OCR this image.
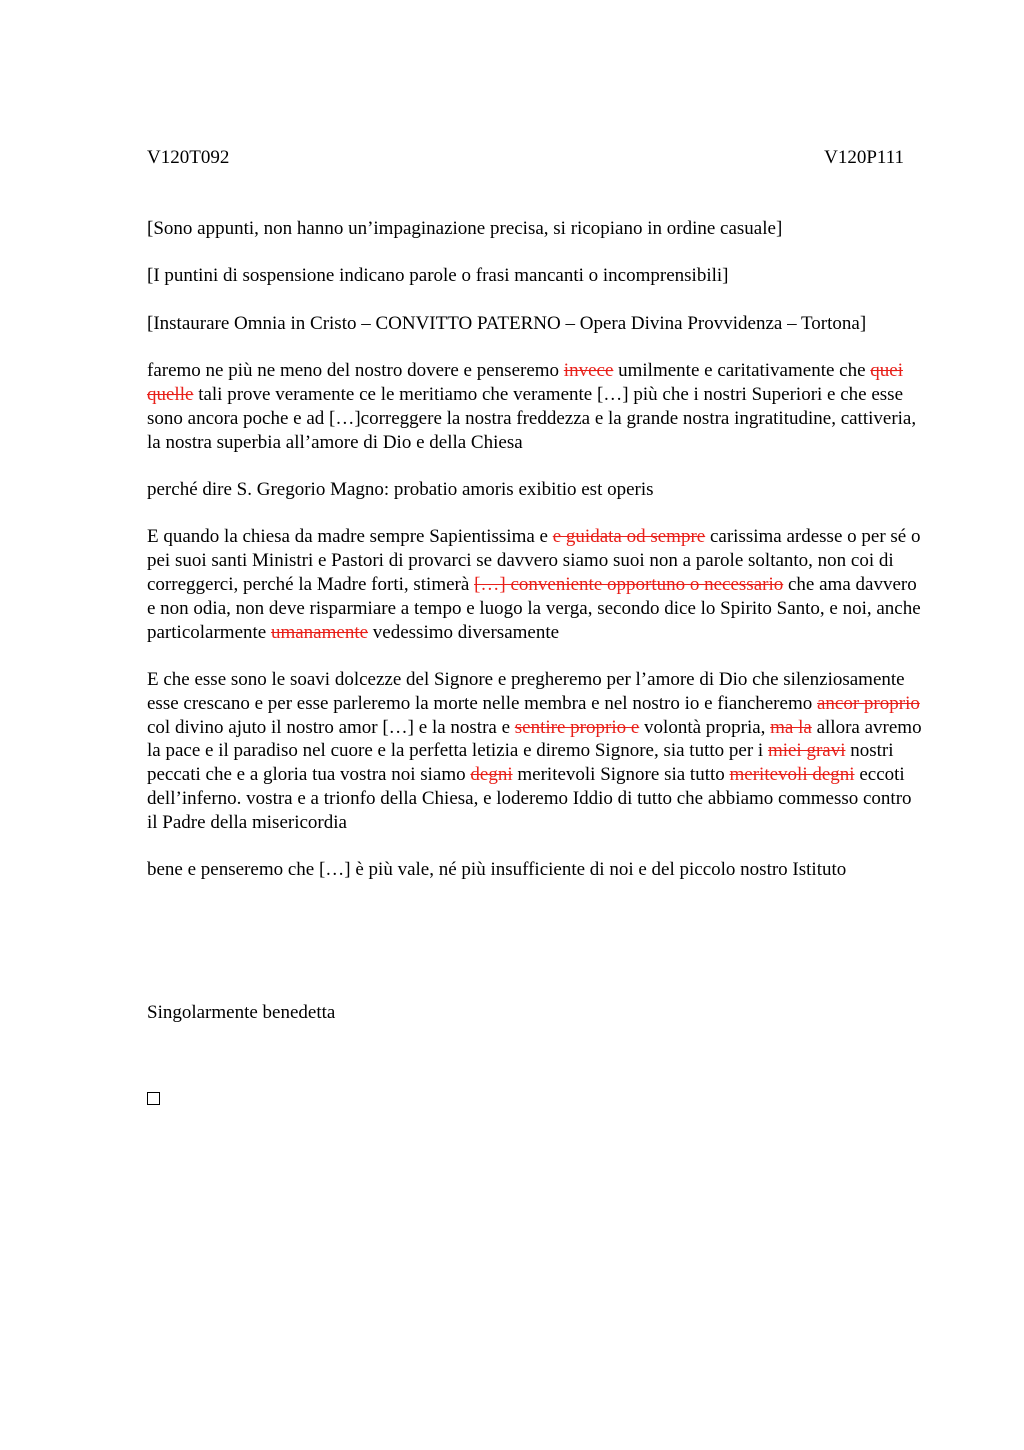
V120T092	V120P111

[Sono appunti, non hanno un’impaginazione precisa, si ricopiano in ordine casuale]

[I puntini di sospensione indicano parole o frasi mancanti o incomprensibili]

[Instaurare Omnia in Cristo – CONVITTO PATERNO – Opera Divina Provvidenza – Tortona]

faremo ne più ne meno del nostro dovere e penseremo invece umilmente e caritativamente che quei quelle tali prove veramente ce le meritiamo che veramente […] più che i nostri Superiori e che esse sono ancora poche e ad […]correggere la nostra freddezza e la grande nostra ingratitudine, cattiveria, la nostra superbia all’amore di Dio e della Chiesa

perché dire S. Gregorio Magno: probatio amoris exibitio est operis

E quando la chiesa da madre sempre Sapientissima e e guidata od sempre carissima ardesse o per sé o pei suoi santi Ministri e Pastori di provarci se davvero siamo suoi non a parole soltanto, non coi di correggerci, perché la Madre forti, stimerà […] conveniente opportuno o necessario che ama davvero e non odia, non deve risparmiare a tempo e luogo la verga, secondo dice lo Spirito Santo, e noi, anche particolarmente umanamente vedessimo diversamente

E che esse sono le soavi dolcezze del Signore e pregheremo per l’amore di Dio che silenziosamente esse crescano e per esse parleremo la morte nelle membra e nel nostro io e fiancheremo ancor proprio col divino ajuto il nostro amor […] e la nostra e sentire proprio e volontà propria, ma la allora avremo la pace e il paradiso nel cuore e la perfetta letizia e diremo Signore, sia tutto per i miei gravi nostri peccati che e a gloria tua vostra noi siamo degni meritevoli Signore sia tutto meritevoli degni eccoti dell’inferno. vostra e a trionfo della Chiesa, e loderemo Iddio di tutto che abbiamo commesso contro il Padre della misericordia

bene e penseremo che […] è più vale, né più insufficiente di noi e del piccolo nostro Istituto

Singolarmente benedetta
